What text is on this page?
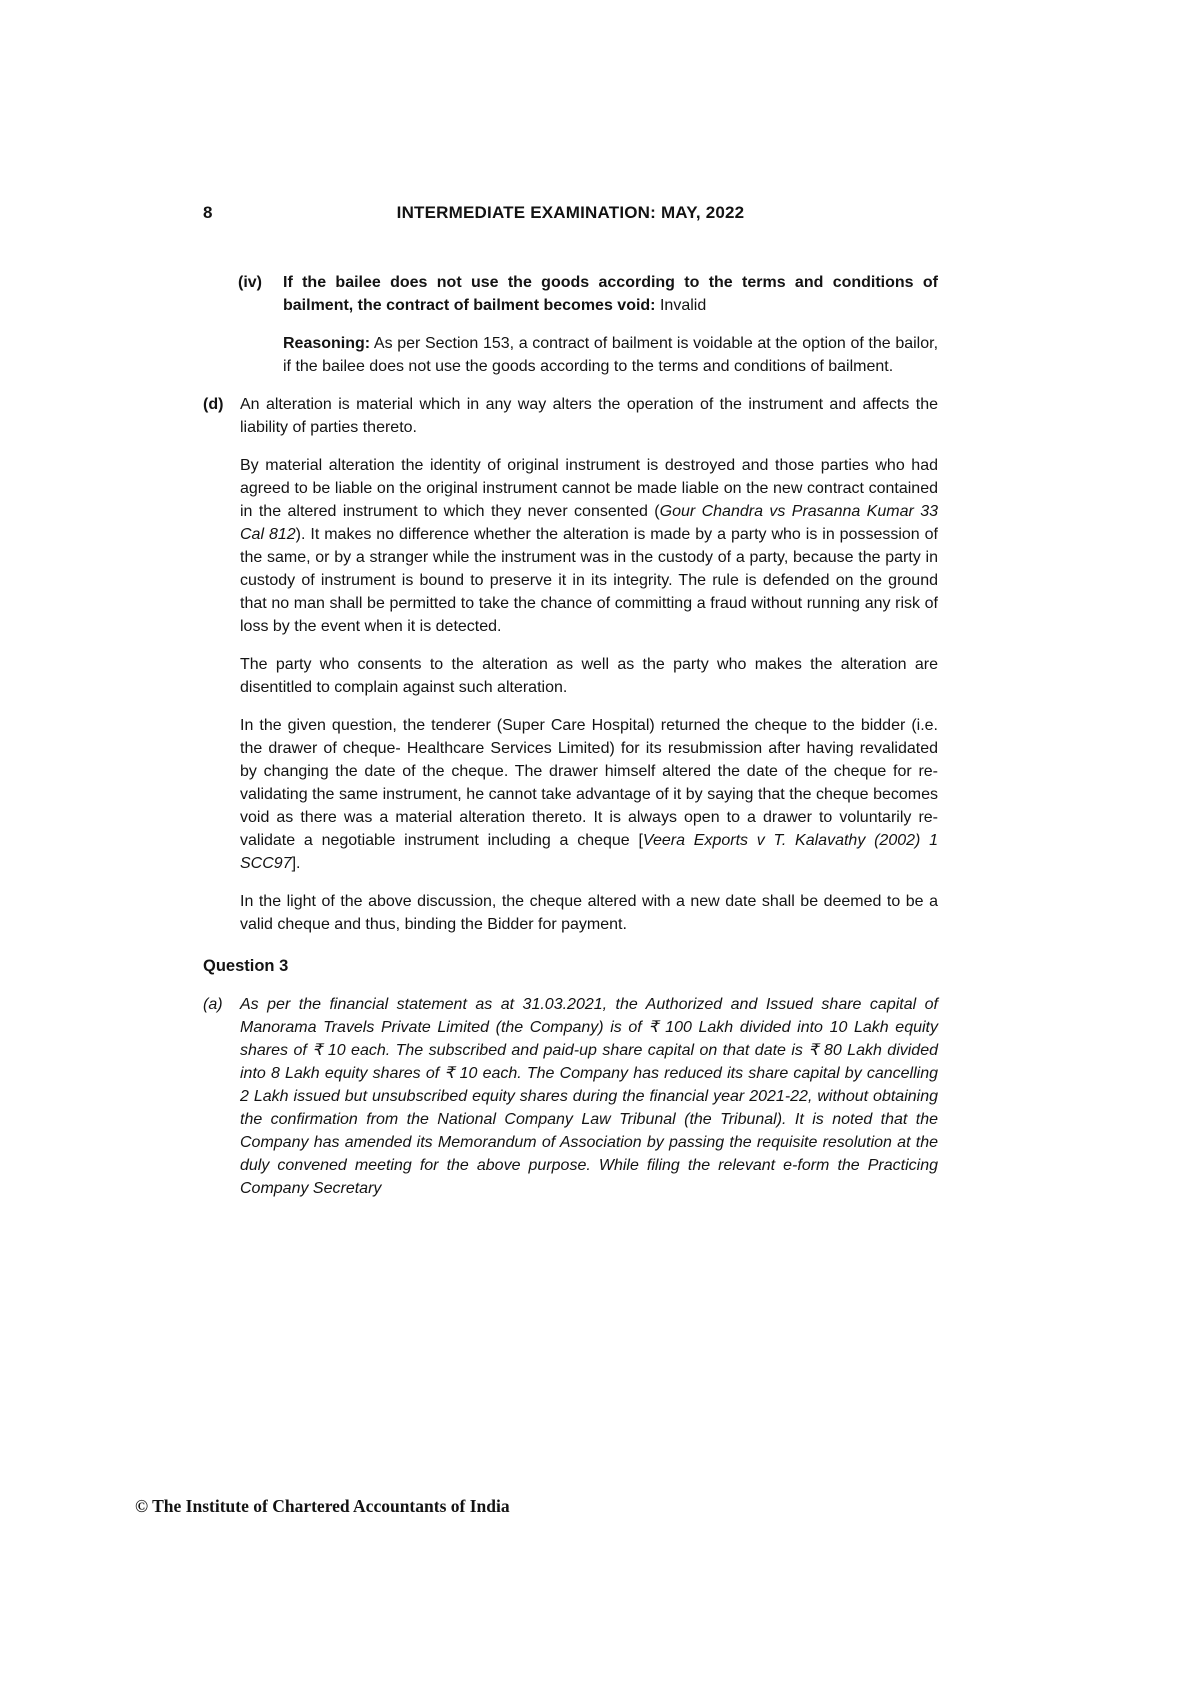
8	INTERMEDIATE EXAMINATION: MAY, 2022
(iv)	If the bailee does not use the goods according to the terms and conditions of bailment, the contract of bailment becomes void: Invalid

Reasoning: As per Section 153, a contract of bailment is voidable at the option of the bailor, if the bailee does not use the goods according to the terms and conditions of bailment.

(d)	An alteration is material which in any way alters the operation of the instrument and affects the liability of parties thereto.

By material alteration the identity of original instrument is destroyed and those parties who had agreed to be liable on the original instrument cannot be made liable on the new contract contained in the altered instrument to which they never consented (Gour Chandra vs Prasanna Kumar 33 Cal 812). It makes no difference whether the alteration is made by a party who is in possession of the same, or by a stranger while the instrument was in the custody of a party, because the party in custody of instrument is bound to preserve it in its integrity. The rule is defended on the ground that no man shall be permitted to take the chance of committing a fraud without running any risk of loss by the event when it is detected.

The party who consents to the alteration as well as the party who makes the alteration are disentitled to complain against such alteration.

In the given question, the tenderer (Super Care Hospital) returned the cheque to the bidder (i.e. the drawer of cheque- Healthcare Services Limited) for its resubmission after having revalidated by changing the date of the cheque. The drawer himself altered the date of the cheque for re-validating the same instrument, he cannot take advantage of it by saying that the cheque becomes void as there was a material alteration thereto. It is always open to a drawer to voluntarily re-validate a negotiable instrument including a cheque [Veera Exports v T. Kalavathy (2002) 1 SCC97].

In the light of the above discussion, the cheque altered with a new date shall be deemed to be a valid cheque and thus, binding the Bidder for payment.

Question 3
(a)	As per the financial statement as at 31.03.2021, the Authorized and Issued share capital of Manorama Travels Private Limited (the Company) is of ₹ 100 Lakh divided into 10 Lakh equity shares of ₹ 10 each. The subscribed and paid-up share capital on that date is ₹ 80 Lakh divided into 8 Lakh equity shares of ₹ 10 each. The Company has reduced its share capital by cancelling 2 Lakh issued but unsubscribed equity shares during the financial year 2021-22, without obtaining the confirmation from the National Company Law Tribunal (the Tribunal). It is noted that the Company has amended its Memorandum of Association by passing the requisite resolution at the duly convened meeting for the above purpose. While filing the relevant e-form the Practicing Company Secretary

© The Institute of Chartered Accountants of India
